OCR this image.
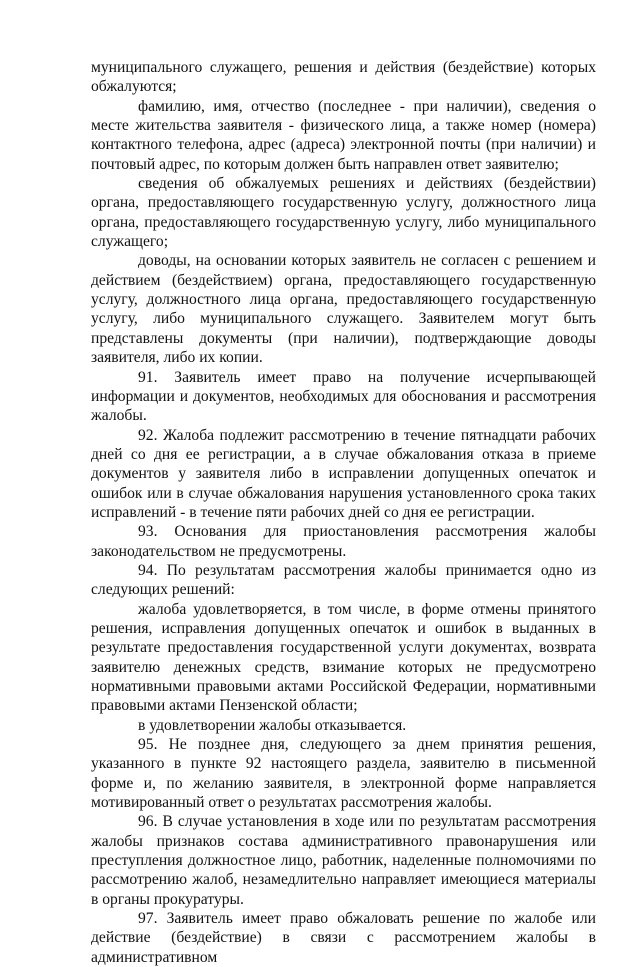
муниципального служащего, решения и действия (бездействие) которых обжалуются;

фамилию, имя, отчество (последнее - при наличии), сведения о месте жительства заявителя - физического лица, а также номер (номера) контактного телефона, адрес (адреса) электронной почты (при наличии) и почтовый адрес, по которым должен быть направлен ответ заявителю;

сведения об обжалуемых решениях и действиях (бездействии) органа, предоставляющего государственную услугу, должностного лица органа, предоставляющего государственную услугу, либо муниципального служащего;

доводы, на основании которых заявитель не согласен с решением и действием (бездействием) органа, предоставляющего государственную услугу, должностного лица органа, предоставляющего государственную услугу, либо муниципального служащего. Заявителем могут быть представлены документы (при наличии), подтверждающие доводы заявителя, либо их копии.

91. Заявитель имеет право на получение исчерпывающей информации и документов, необходимых для обоснования и рассмотрения жалобы.

92. Жалоба подлежит рассмотрению в течение пятнадцати рабочих дней со дня ее регистрации, а в случае обжалования отказа в приеме документов у заявителя либо в исправлении допущенных опечаток и ошибок или в случае обжалования нарушения установленного срока таких исправлений - в течение пяти рабочих дней со дня ее регистрации.

93. Основания для приостановления рассмотрения жалобы законодательством не предусмотрены.

94. По результатам рассмотрения жалобы принимается одно из следующих решений:

жалоба удовлетворяется, в том числе, в форме отмены принятого решения, исправления допущенных опечаток и ошибок в выданных в результате предоставления государственной услуги документах, возврата заявителю денежных средств, взимание которых не предусмотрено нормативными правовыми актами Российской Федерации, нормативными правовыми актами Пензенской области;

в удовлетворении жалобы отказывается.

95. Не позднее дня, следующего за днем принятия решения, указанного в пункте 92 настоящего раздела, заявителю в письменной форме и, по желанию заявителя, в электронной форме направляется мотивированный ответ о результатах рассмотрения жалобы.

96. В случае установления в ходе или по результатам рассмотрения жалобы признаков состава административного правонарушения или преступления должностное лицо, работник, наделенные полномочиями по рассмотрению жалоб, незамедлительно направляет имеющиеся материалы в органы прокуратуры.

97. Заявитель имеет право обжаловать решение по жалобе или действие (бездействие) в связи с рассмотрением жалобы в административном
